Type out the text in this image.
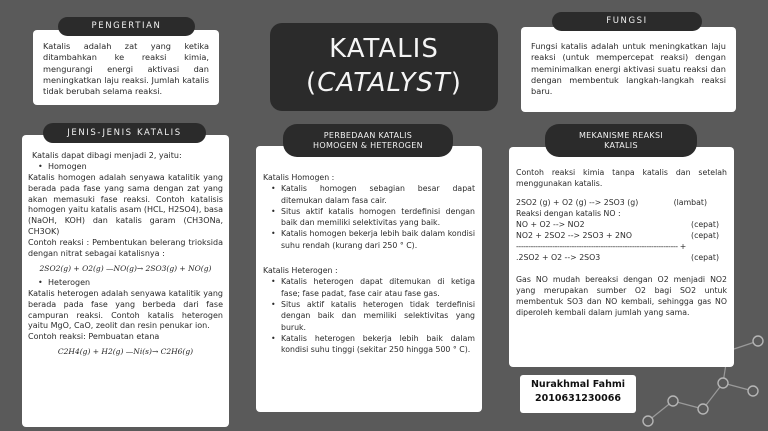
KATALIS
(CATALYST)
Katalis adalah zat yang ketika ditambahkan ke reaksi kimia, mengurangi energi aktivasi dan meningkatkan laju reaksi. Jumlah katalis tidak berubah selama reaksi.
PENGERTIAN
Fungsi katalis adalah untuk meningkatkan laju reaksi (untuk mempercepat reaksi) dengan meminimalkan energi aktivasi suatu reaksi dan dengan membentuk langkah-langkah reaksi baru.
FUNGSI
Katalis dapat dibagi menjadi 2, yaitu:
• Homogen
Katalis homogen adalah senyawa katalitik yang berada pada fase yang sama dengan zat yang akan memasuki fase reaksi. Contoh katalisis homogen yaitu katalis asam (HCL, H2SO4), basa (NaOH, KOH) dan katalis garam (CH3ONa, CH3OK)
Contoh reaksi : Pembentukan belerang trioksida dengan nitrat sebagai katalisnya :
2SO2(g) + O2(g) —NO(g)→ 2SO3(g) + NO(g)
• Heterogen
Katalis heterogen adalah senyawa katalitik yang berada pada fase yang berbeda dari fase campuran reaksi. Contoh katalis heterogen yaitu MgO, CaO, zeolit dan resin penukar ion.
Contoh reaksi: Pembuatan etana
C2H4(g) + H2(g) —Ni(s)→ C2H6(g)
JENIS-JENIS KATALIS
Katalis Homogen :
• Katalis homogen sebagian besar dapat ditemukan dalam fasa cair.
• Situs aktif katalis homogen terdefinisi dengan baik dan memiliki selektivitas yang baik.
• Katalis homogen bekerja lebih baik dalam kondisi suhu rendah (kurang dari 250 ° C).
Katalis Heterogen :
• Katalis heterogen dapat ditemukan di ketiga fase; fase padat, fase cair atau fase gas.
• Situs aktif katalis heterogen tidak terdefinisi dengan baik dan memiliki selektivitas yang buruk.
• Katalis heterogen bekerja lebih baik dalam kondisi suhu tinggi (sekitar 250 hingga 500 ° C).
PERBEDAAN KATALIS
HOMOGEN & HETEROGEN
Contoh reaksi kimia tanpa katalis dan setelah menggunakan katalis.
2SO2 (g) + O2 (g) --> 2SO3 (g)	(lambat)
Reaksi dengan katalis NO :
NO + O2 --> NO2	(cepat)
NO2 + 2SO2 --> 2SO3 + 2NO	(cepat)
------------------------------------------------------------------- +
.2SO2 + O2 --> 2SO3	(cepat)
Gas NO mudah bereaksi dengan O2 menjadi NO2 yang merupakan sumber O2 bagi SO2 untuk membentuk SO3 dan NO kembali, sehingga gas NO diperoleh kembali dalam jumlah yang sama.
MEKANISME REAKSI
KATALIS
Nurakhmal Fahmi
2010631230066
